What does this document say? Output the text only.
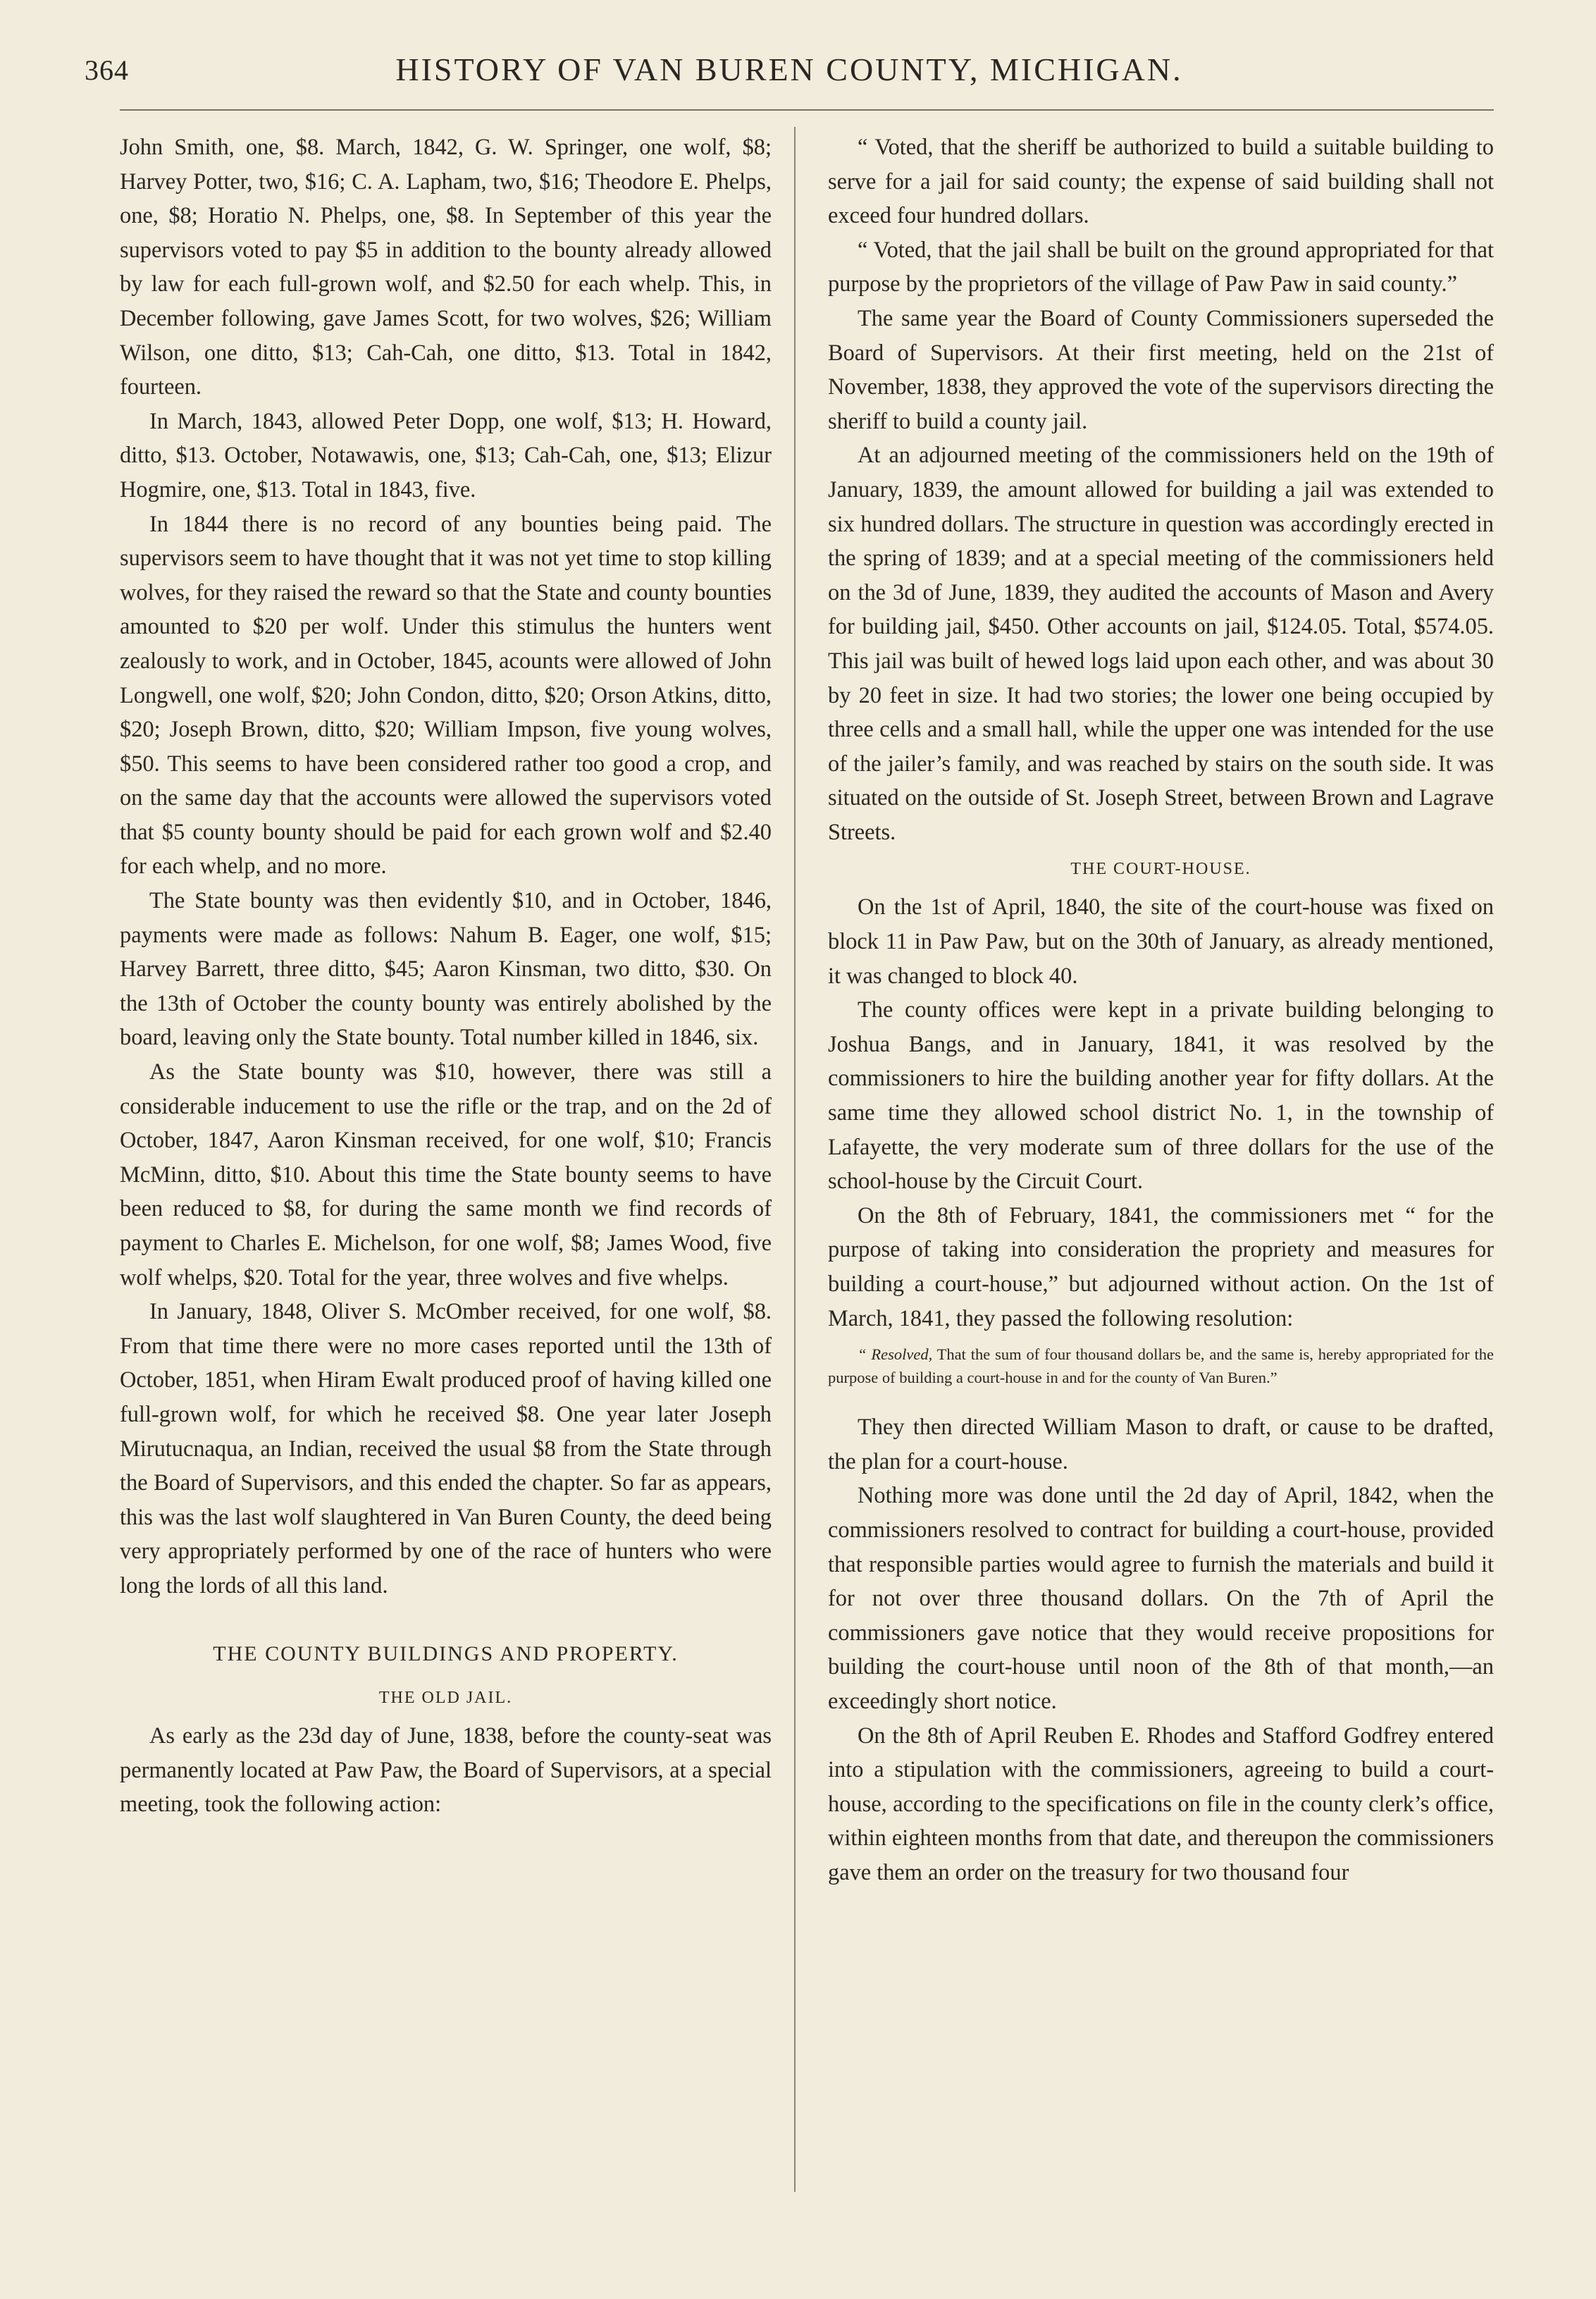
364	HISTORY OF VAN BUREN COUNTY, MICHIGAN.

John Smith, one, $8. March, 1842, G. W. Springer, one wolf, $8; Harvey Potter, two, $16; C. A. Lapham, two, $16; Theodore E. Phelps, one, $8; Horatio N. Phelps, one, $8. In September of this year the supervisors voted to pay $5 in addition to the bounty already allowed by law for each full-grown wolf, and $2.50 for each whelp. This, in December following, gave James Scott, for two wolves, $26; William Wilson, one ditto, $13; Cah-Cah, one ditto, $13. Total in 1842, fourteen.

In March, 1843, allowed Peter Dopp, one wolf, $13; H. Howard, ditto, $13. October, Notawawis, one, $13; Cah-Cah, one, $13; Elizur Hogmire, one, $13. Total in 1843, five.

In 1844 there is no record of any bounties being paid. The supervisors seem to have thought that it was not yet time to stop killing wolves, for they raised the reward so that the State and county bounties amounted to $20 per wolf. Under this stimulus the hunters went zealously to work, and in October, 1845, acounts were allowed of John Longwell, one wolf, $20; John Condon, ditto, $20; Orson Atkins, ditto, $20; Joseph Brown, ditto, $20; William Impson, five young wolves, $50. This seems to have been considered rather too good a crop, and on the same day that the accounts were allowed the supervisors voted that $5 county bounty should be paid for each grown wolf and $2.40 for each whelp, and no more.

The State bounty was then evidently $10, and in October, 1846, payments were made as follows: Nahum B. Eager, one wolf, $15; Harvey Barrett, three ditto, $45; Aaron Kinsman, two ditto, $30. On the 13th of October the county bounty was entirely abolished by the board, leaving only the State bounty. Total number killed in 1846, six.

As the State bounty was $10, however, there was still a considerable inducement to use the rifle or the trap, and on the 2d of October, 1847, Aaron Kinsman received, for one wolf, $10; Francis McMinn, ditto, $10. About this time the State bounty seems to have been reduced to $8, for during the same month we find records of payment to Charles E. Michelson, for one wolf, $8; James Wood, five wolf whelps, $20. Total for the year, three wolves and five whelps.

In January, 1848, Oliver S. McOmber received, for one wolf, $8. From that time there were no more cases reported until the 13th of October, 1851, when Hiram Ewalt produced proof of having killed one full-grown wolf, for which he received $8. One year later Joseph Mirutucnaqua, an Indian, received the usual $8 from the State through the Board of Supervisors, and this ended the chapter. So far as appears, this was the last wolf slaughtered in Van Buren County, the deed being very appropriately performed by one of the race of hunters who were long the lords of all this land.

THE COUNTY BUILDINGS AND PROPERTY.

THE OLD JAIL.

As early as the 23d day of June, 1838, before the county-seat was permanently located at Paw Paw, the Board of Supervisors, at a special meeting, took the following action:

“ Voted, that the sheriff be authorized to build a suitable building to serve for a jail for said county; the expense of said building shall not exceed four hundred dollars.

“ Voted, that the jail shall be built on the ground appropriated for that purpose by the proprietors of the village of Paw Paw in said county.”

The same year the Board of County Commissioners superseded the Board of Supervisors. At their first meeting, held on the 21st of November, 1838, they approved the vote of the supervisors directing the sheriff to build a county jail.

At an adjourned meeting of the commissioners held on the 19th of January, 1839, the amount allowed for building a jail was extended to six hundred dollars. The structure in question was accordingly erected in the spring of 1839; and at a special meeting of the commissioners held on the 3d of June, 1839, they audited the accounts of Mason and Avery for building jail, $450. Other accounts on jail, $124.05. Total, $574.05. This jail was built of hewed logs laid upon each other, and was about 30 by 20 feet in size. It had two stories; the lower one being occupied by three cells and a small hall, while the upper one was intended for the use of the jailer’s family, and was reached by stairs on the south side. It was situated on the outside of St. Joseph Street, between Brown and Lagrave Streets.

THE COURT-HOUSE.

On the 1st of April, 1840, the site of the court-house was fixed on block 11 in Paw Paw, but on the 30th of January, as already mentioned, it was changed to block 40.

The county offices were kept in a private building belonging to Joshua Bangs, and in January, 1841, it was resolved by the commissioners to hire the building another year for fifty dollars. At the same time they allowed school district No. 1, in the township of Lafayette, the very moderate sum of three dollars for the use of the school-house by the Circuit Court.

On the 8th of February, 1841, the commissioners met “ for the purpose of taking into consideration the propriety and measures for building a court-house,” but adjourned without action. On the 1st of March, 1841, they passed the following resolution:

“ Resolved, That the sum of four thousand dollars be, and the same is, hereby appropriated for the purpose of building a court-house in and for the county of Van Buren.”

They then directed William Mason to draft, or cause to be drafted, the plan for a court-house.

Nothing more was done until the 2d day of April, 1842, when the commissioners resolved to contract for building a court-house, provided that responsible parties would agree to furnish the materials and build it for not over three thousand dollars. On the 7th of April the commissioners gave notice that they would receive propositions for building the court-house until noon of the 8th of that month,—an exceedingly short notice.

On the 8th of April Reuben E. Rhodes and Stafford Godfrey entered into a stipulation with the commissioners, agreeing to build a court-house, according to the specifications on file in the county clerk’s office, within eighteen months from that date, and thereupon the commissioners gave them an order on the treasury for two thousand four
